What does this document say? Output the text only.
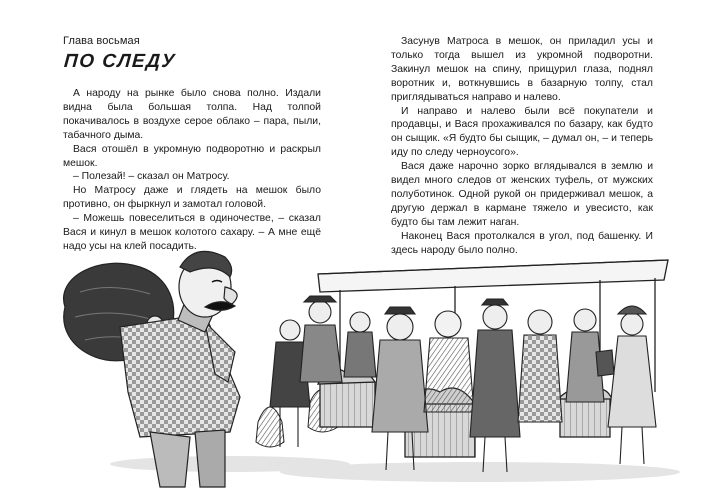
Глава восьмая
ПО СЛЕДУ

А народу на рынке было снова полно. Издали видна была большая толпа. Над толпой покачивалось в воздухе серое облако – пара, пыли, табачного дыма.

Вася отошёл в укромную подворотню и раскрыл мешок.

– Полезай! – сказал он Матросу.

Но Матросу даже и глядеть на мешок было противно, он фыркнул и замотал головой.

– Можешь повеселиться в одиночестве, – сказал Вася и кинул в мешок колотого сахару. – А мне ещё надо усы на клей посадить.

Засунув Матроса в мешок, он приладил усы и только тогда вышел из укромной подворотни. Закинул мешок на спину, прищурил глаза, поднял воротник и, воткнувшись в базарную толпу, стал приглядываться направо и налево.

И направо и налево были всё покупатели и продавцы, и Вася прохаживался по базару, как будто он сыщик. «Я будто бы сыщик, – думал он, – и теперь иду по следу черноусого».

Вася даже нарочно зорко вглядывался в землю и видел много следов от женских туфель, от мужских полуботинок. Одной рукой он придерживал мешок, а другую держал в кармане тяжело и увесисто, как будто бы там лежит наган.

Наконец Вася протолкался в угол, под башенку. И здесь народу было полно.
